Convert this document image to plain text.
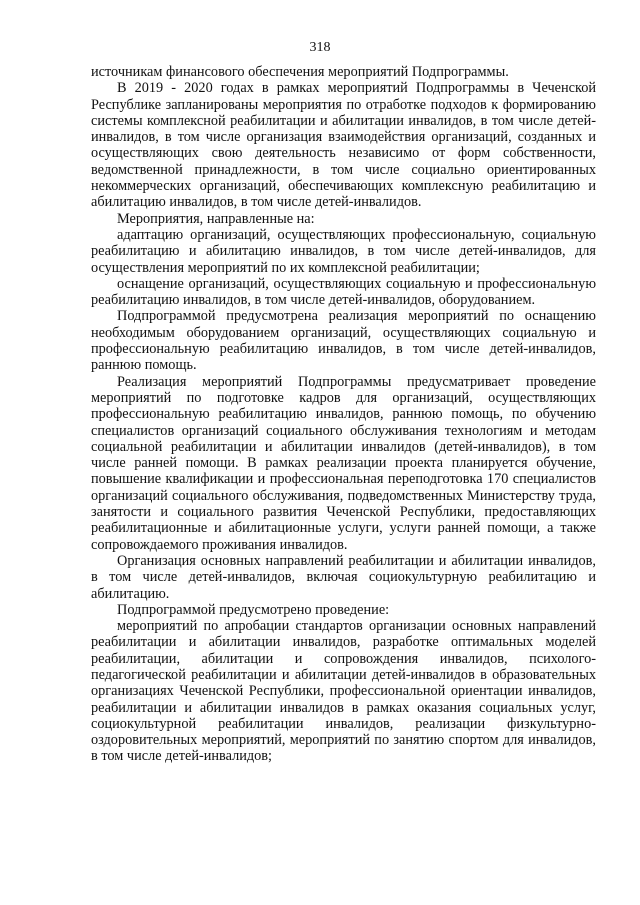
318

источникам финансового обеспечения мероприятий Подпрограммы.

В 2019 - 2020 годах в рамках мероприятий Подпрограммы в Чеченской Республике запланированы мероприятия по отработке подходов к формированию системы комплексной реабилитации и абилитации инвалидов, в том числе детей-инвалидов, в том числе организация взаимодействия организаций, созданных и осуществляющих свою деятельность независимо от форм собственности, ведомственной принадлежности, в том числе социально ориентированных некоммерческих организаций, обеспечивающих комплексную реабилитацию и абилитацию инвалидов, в том числе детей-инвалидов.

Мероприятия, направленные на:

адаптацию организаций, осуществляющих профессиональную, социальную реабилитацию и абилитацию инвалидов, в том числе детей-инвалидов, для осуществления мероприятий по их комплексной реабилитации;

оснащение организаций, осуществляющих социальную и профессиональную реабилитацию инвалидов, в том числе детей-инвалидов, оборудованием.

Подпрограммой предусмотрена реализация мероприятий по оснащению необходимым оборудованием организаций, осуществляющих социальную и профессиональную реабилитацию инвалидов, в том числе детей-инвалидов, раннюю помощь.

Реализация мероприятий Подпрограммы предусматривает проведение мероприятий по подготовке кадров для организаций, осуществляющих профессиональную реабилитацию инвалидов, раннюю помощь, по обучению специалистов организаций социального обслуживания технологиям и методам социальной реабилитации и абилитации инвалидов (детей-инвалидов), в том числе ранней помощи. В рамках реализации проекта планируется обучение, повышение квалификации и профессиональная переподготовка 170 специалистов организаций социального обслуживания, подведомственных Министерству труда, занятости и социального развития Чеченской Республики, предоставляющих реабилитационные и абилитационные услуги, услуги ранней помощи, а также сопровождаемого проживания инвалидов.

Организация основных направлений реабилитации и абилитации инвалидов, в том числе детей-инвалидов, включая социокультурную реабилитацию и абилитацию.

Подпрограммой предусмотрено проведение:

мероприятий по апробации стандартов организации основных направлений реабилитации и абилитации инвалидов, разработке оптимальных моделей реабилитации, абилитации и сопровождения инвалидов, психолого-педагогической реабилитации и абилитации детей-инвалидов в образовательных организациях Чеченской Республики, профессиональной ориентации инвалидов, реабилитации и абилитации инвалидов в рамках оказания социальных услуг, социокультурной реабилитации инвалидов, реализации физкультурно-оздоровительных мероприятий, мероприятий по занятию спортом для инвалидов, в том числе детей-инвалидов;
